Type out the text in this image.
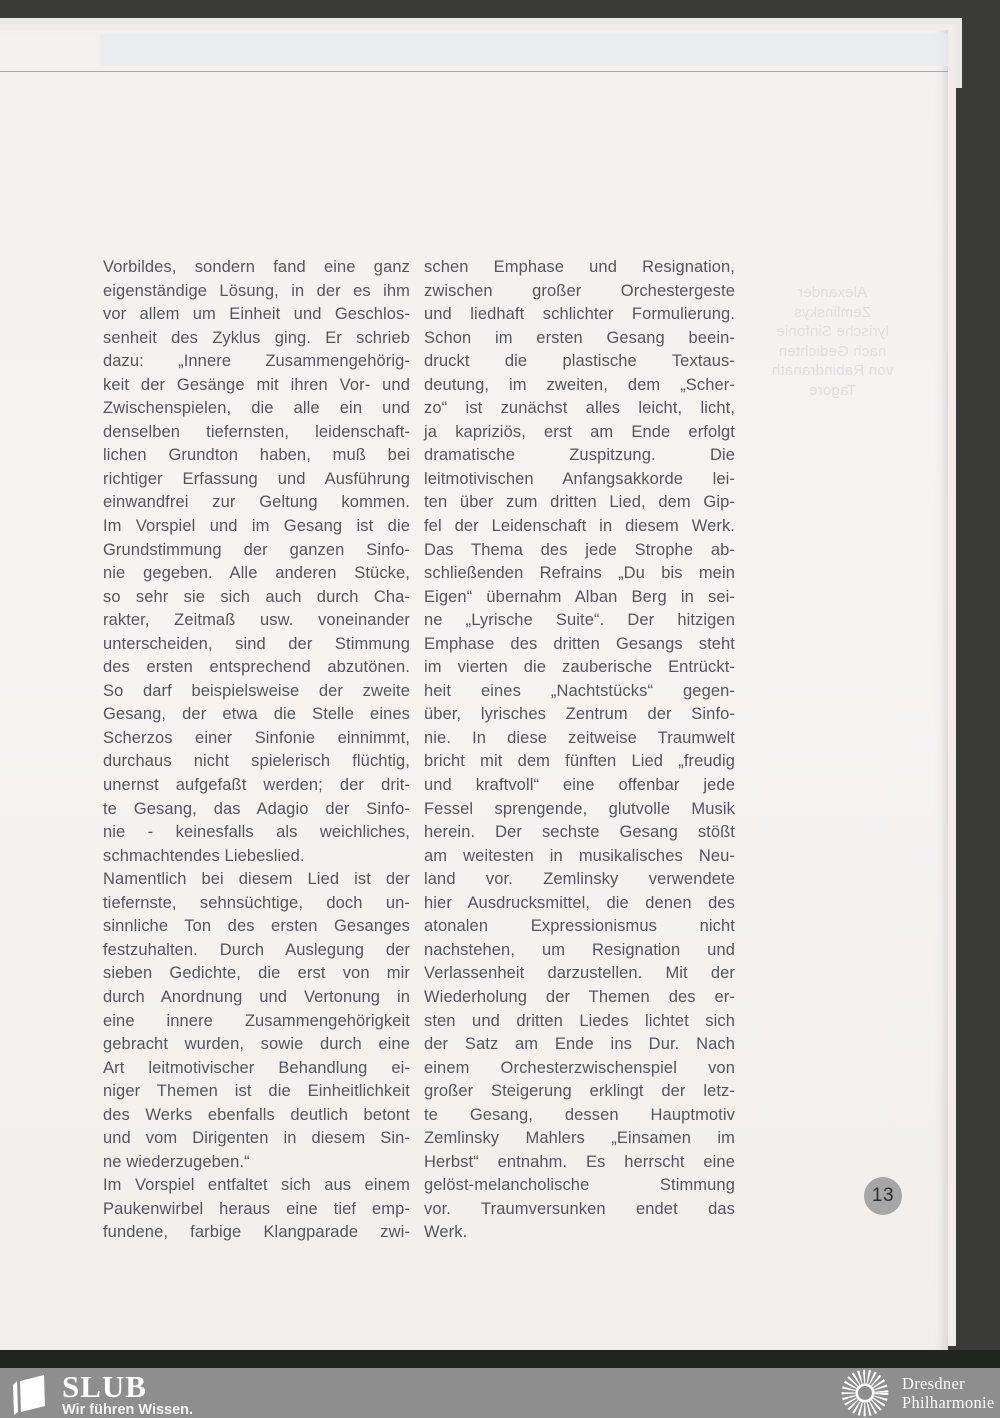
Vorbildes, sondern fand eine ganz
eigenständige Lösung, in der es ihm
vor allem um Einheit und Geschlos-
senheit des Zyklus ging. Er schrieb
dazu: „Innere Zusammengehörig-
keit der Gesänge mit ihren Vor- und
Zwischenspielen, die alle ein und
denselben tiefernsten, leidenschaft-
lichen Grundton haben, muß bei
richtiger Erfassung und Ausführung
einwandfrei zur Geltung kommen.
Im Vorspiel und im Gesang ist die
Grundstimmung der ganzen Sinfo-
nie gegeben. Alle anderen Stücke,
so sehr sie sich auch durch Cha-
rakter, Zeitmaß usw. voneinander
unterscheiden, sind der Stimmung
des ersten entsprechend abzutönen.
So darf beispielsweise der zweite
Gesang, der etwa die Stelle eines
Scherzos einer Sinfonie einnimmt,
durchaus nicht spielerisch flüchtig,
unernst aufgefaßt werden; der drit-
te Gesang, das Adagio der Sinfo-
nie - keinesfalls als weichliches,
schmachtendes Liebeslied.
Namentlich bei diesem Lied ist der
tiefernste, sehnsüchtige, doch un-
sinnliche Ton des ersten Gesanges
festzuhalten. Durch Auslegung der
sieben Gedichte, die erst von mir
durch Anordnung und Vertonung in
eine innere Zusammengehörigkeit
gebracht wurden, sowie durch eine
Art leitmotivischer Behandlung ei-
niger Themen ist die Einheitlichkeit
des Werks ebenfalls deutlich betont
und vom Dirigenten in diesem Sin-
ne wiederzugeben.“
Im Vorspiel entfaltet sich aus einem
Paukenwirbel heraus eine tief emp-
fundene, farbige Klangparade zwi-
schen Emphase und Resignation,
zwischen großer Orchestergeste
und liedhaft schlichter Formulierung.
Schon im ersten Gesang beein-
druckt die plastische Textaus-
deutung, im zweiten, dem „Scher-
zo“ ist zunächst alles leicht, licht,
ja kapriziös, erst am Ende erfolgt
dramatische Zuspitzung. Die
leitmotivischen Anfangsakkorde lei-
ten über zum dritten Lied, dem Gip-
fel der Leidenschaft in diesem Werk.
Das Thema des jede Strophe ab-
schließenden Refrains „Du bis mein
Eigen“ übernahm Alban Berg in sei-
ne „Lyrische Suite“. Der hitzigen
Emphase des dritten Gesangs steht
im vierten die zauberische Entrückt-
heit eines „Nachtstücks“ gegen-
über, lyrisches Zentrum der Sinfo-
nie. In diese zeitweise Traumwelt
bricht mit dem fünften Lied „freudig
und kraftvoll“ eine offenbar jede
Fessel sprengende, glutvolle Musik
herein. Der sechste Gesang stößt
am weitesten in musikalisches Neu-
land vor. Zemlinsky verwendete
hier Ausdrucksmittel, die denen des
atonalen Expressionismus nicht
nachstehen, um Resignation und
Verlassenheit darzustellen. Mit der
Wiederholung der Themen des er-
sten und dritten Liedes lichtet sich
der Satz am Ende ins Dur. Nach
einem Orchesterzwischenspiel von
großer Steigerung erklingt der letz-
te Gesang, dessen Hauptmotiv
Zemlinsky Mahlers „Einsamen im
Herbst“ entnahm. Es herrscht eine
gelöst-melancholische Stimmung
vor. Traumversunken endet das
Werk.
Alexander
Zemlinskys
lyrische Sinfonie
nach Gedichten
von Rabindranath
Tagore
13
SLUB
Wir führen Wissen.
Dresdner
Philharmonie
